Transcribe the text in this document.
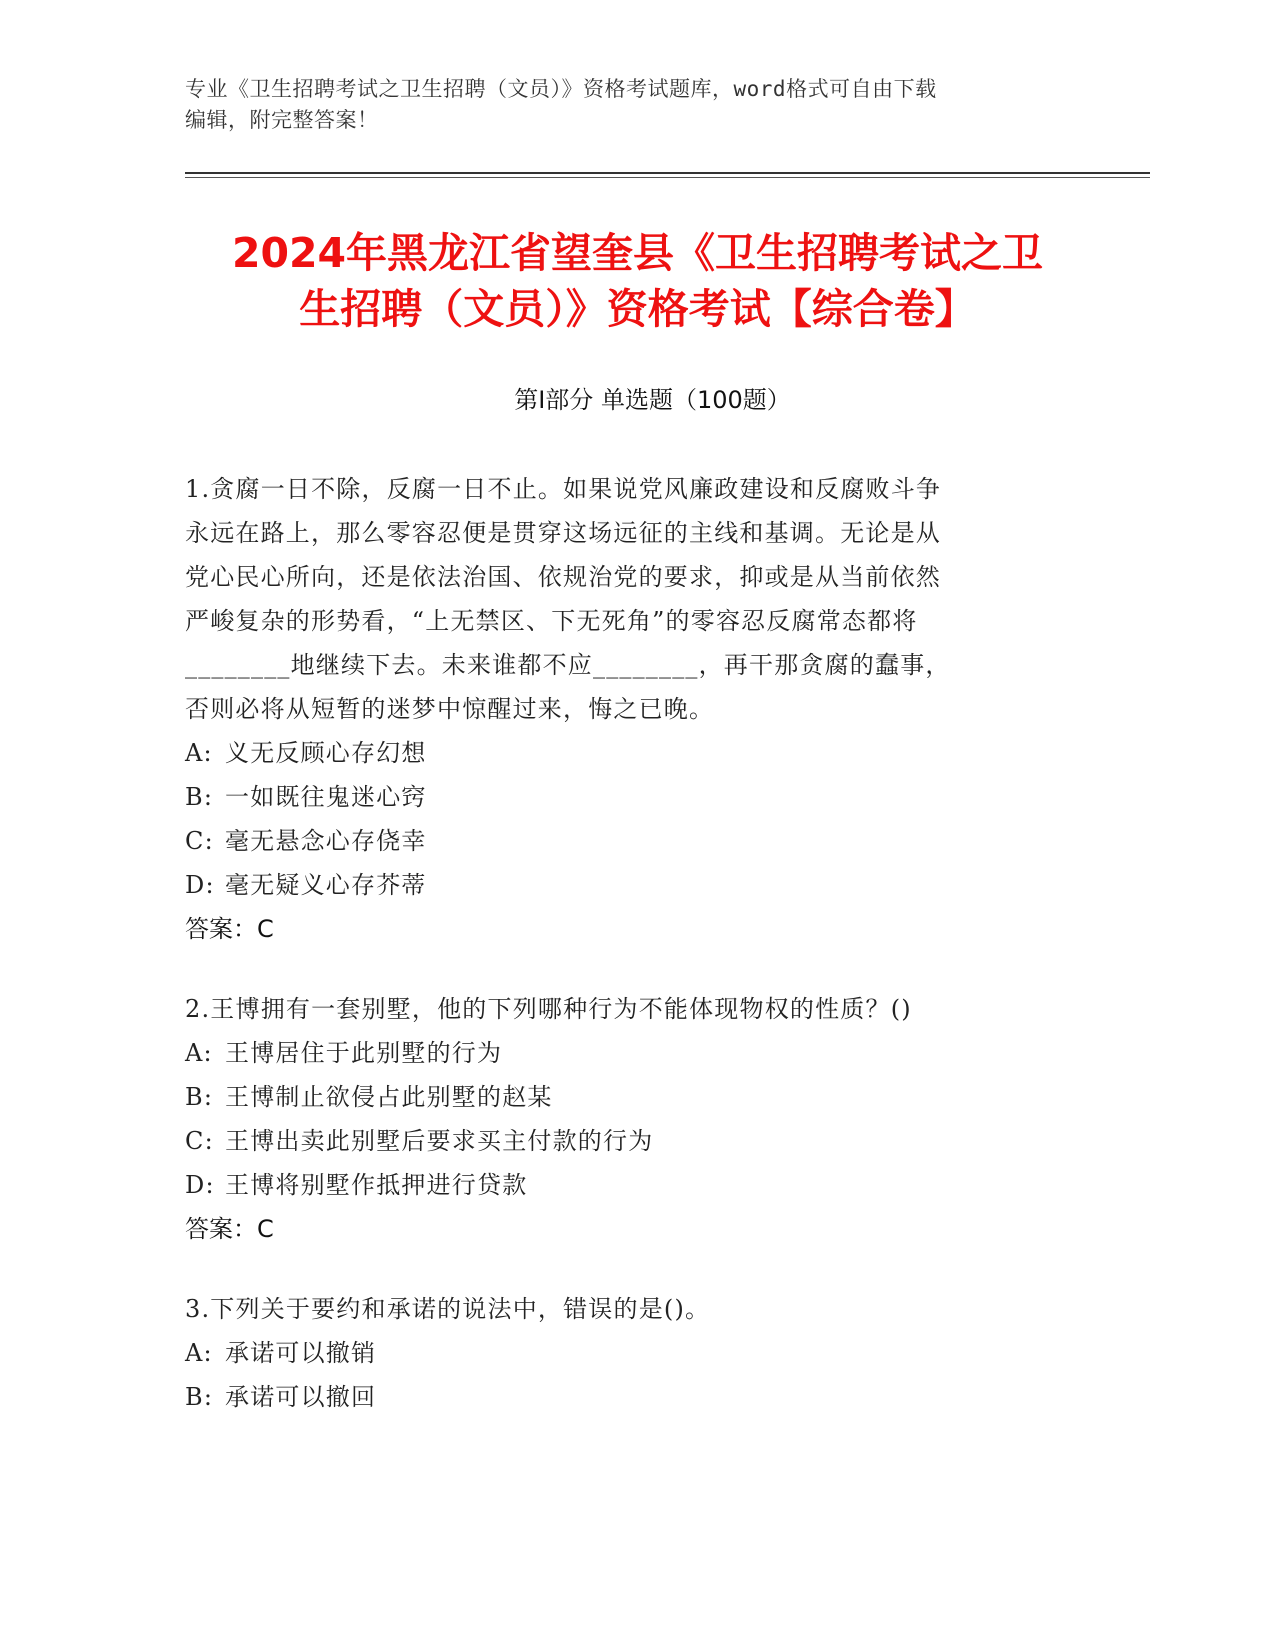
专业《卫生招聘考试之卫生招聘（文员）》资格考试题库，word格式可自由下载
编辑，附完整答案！
2024年黑龙江省望奎县《卫生招聘考试之卫
生招聘（文员）》资格考试【综合卷】
第Ⅰ部分 单选题（100题）
1.贪腐一日不除，反腐一日不止。如果说党风廉政建设和反腐败斗争
永远在路上，那么零容忍便是贯穿这场远征的主线和基调。无论是从
党心民心所向，还是依法治国、依规治党的要求，抑或是从当前依然
严峻复杂的形势看，“上无禁区、下无死角”的零容忍反腐常态都将
________地继续下去。未来谁都不应________，再干那贪腐的蠢事，
否则必将从短暂的迷梦中惊醒过来，悔之已晚。
A: 义无反顾心存幻想
B: 一如既往鬼迷心窍
C: 毫无悬念心存侥幸
D: 毫无疑义心存芥蒂
答案：C
2.王博拥有一套别墅，他的下列哪种行为不能体现物权的性质？()
A: 王博居住于此别墅的行为
B: 王博制止欲侵占此别墅的赵某
C: 王博出卖此别墅后要求买主付款的行为
D: 王博将别墅作抵押进行贷款
答案：C
3.下列关于要约和承诺的说法中，错误的是()。
A: 承诺可以撤销
B: 承诺可以撤回
